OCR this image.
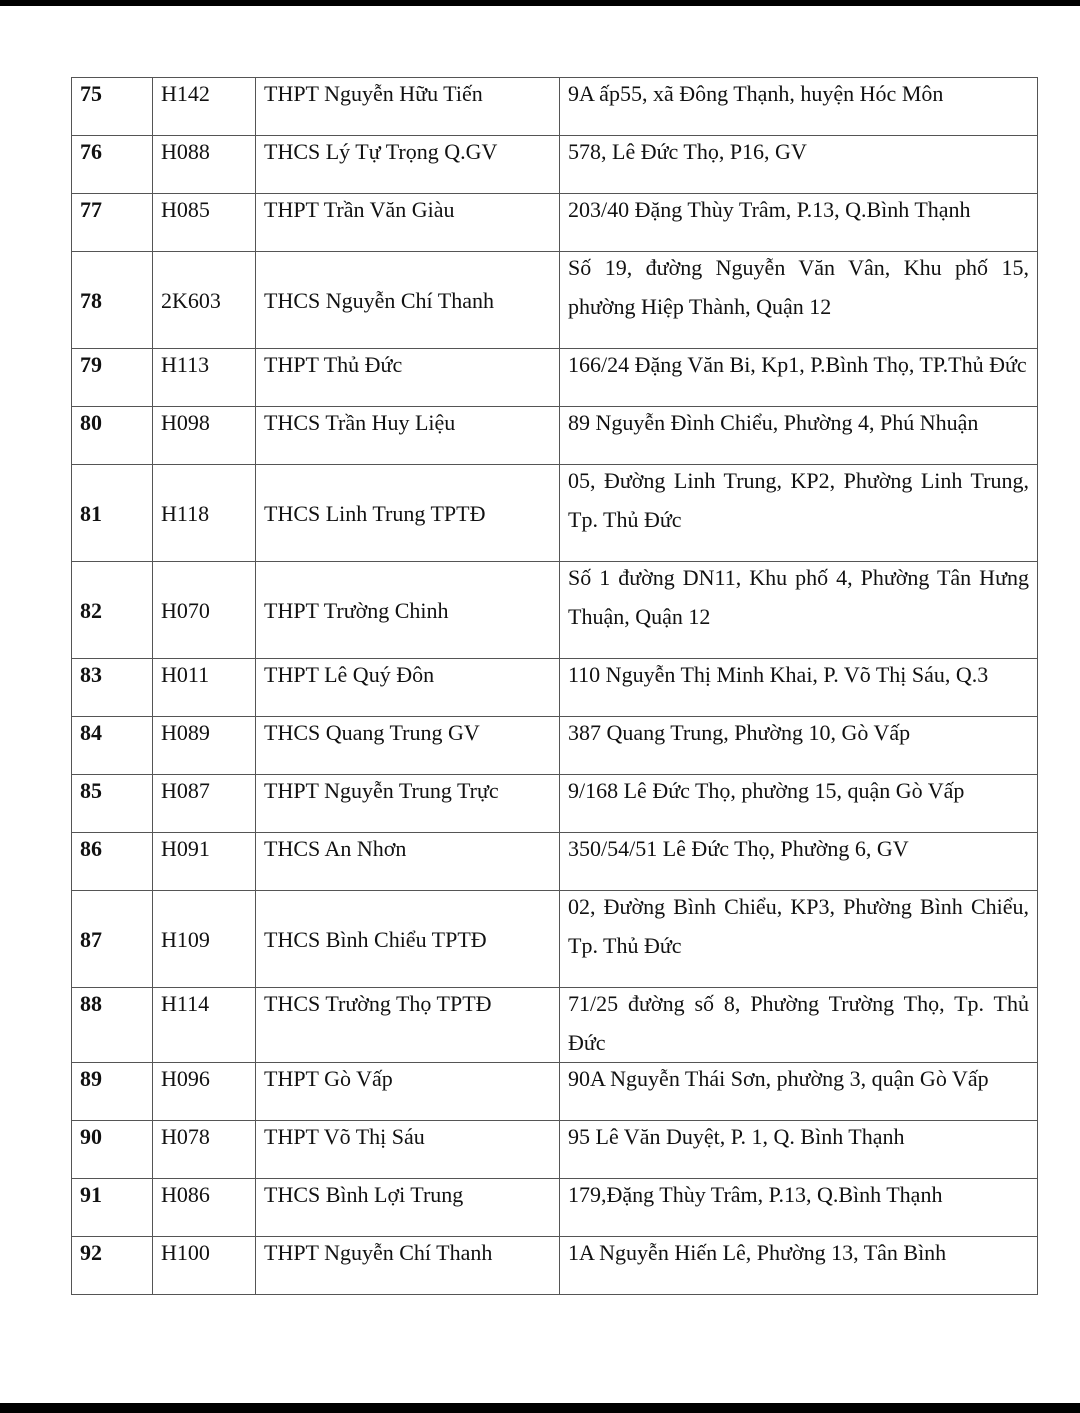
75	H142	THPT Nguyễn Hữu Tiến	9A ấp55, xã Đông Thạnh, huyện Hóc Môn

76	H088	THCS Lý Tự Trọng Q.GV	578, Lê Đức Thọ, P16, GV

77	H085	THPT Trần Văn Giàu	203/40 Đặng Thùy Trâm, P.13, Q.Bình Thạnh

78	2K603	THCS Nguyễn Chí Thanh	Số 19, đường Nguyễn Văn Vân, Khu phố 15, phường Hiệp Thành, Quận 12

79	H113	THPT Thủ Đức	166/24 Đặng Văn Bi, Kp1, P.Bình Thọ, TP.Thủ Đức

80	H098	THCS Trần Huy Liệu	89 Nguyễn Đình Chiểu, Phường 4, Phú Nhuận

81	H118	THCS Linh Trung TPTĐ	05, Đường Linh Trung, KP2, Phường Linh Trung, Tp. Thủ Đức

82	H070	THPT Trường Chinh	Số 1 đường DN11, Khu phố 4, Phường Tân Hưng Thuận, Quận 12

83	H011	THPT Lê Quý Đôn	110 Nguyễn Thị Minh Khai, P. Võ Thị Sáu, Q.3

84	H089	THCS Quang Trung GV	387 Quang Trung, Phường 10, Gò Vấp

85	H087	THPT Nguyễn Trung Trực	9/168 Lê Đức Thọ, phường 15, quận Gò Vấp

86	H091	THCS An Nhơn	350/54/51 Lê Đức Thọ, Phường 6, GV

87	H109	THCS Bình Chiểu TPTĐ	02, Đường Bình Chiểu, KP3, Phường Bình Chiểu, Tp. Thủ Đức

88	H114	THCS Trường Thọ TPTĐ	71/25 đường số 8, Phường Trường Thọ, Tp. Thủ Đức

89	H096	THPT Gò Vấp	90A Nguyễn Thái Sơn, phường 3, quận Gò Vấp

90	H078	THPT Võ Thị Sáu	95 Lê Văn Duyệt, P. 1, Q. Bình Thạnh

91	H086	THCS Bình Lợi Trung	179,Đặng Thùy Trâm, P.13, Q.Bình Thạnh

92	H100	THPT Nguyễn Chí Thanh	1A Nguyễn Hiến Lê, Phường 13, Tân Bình
